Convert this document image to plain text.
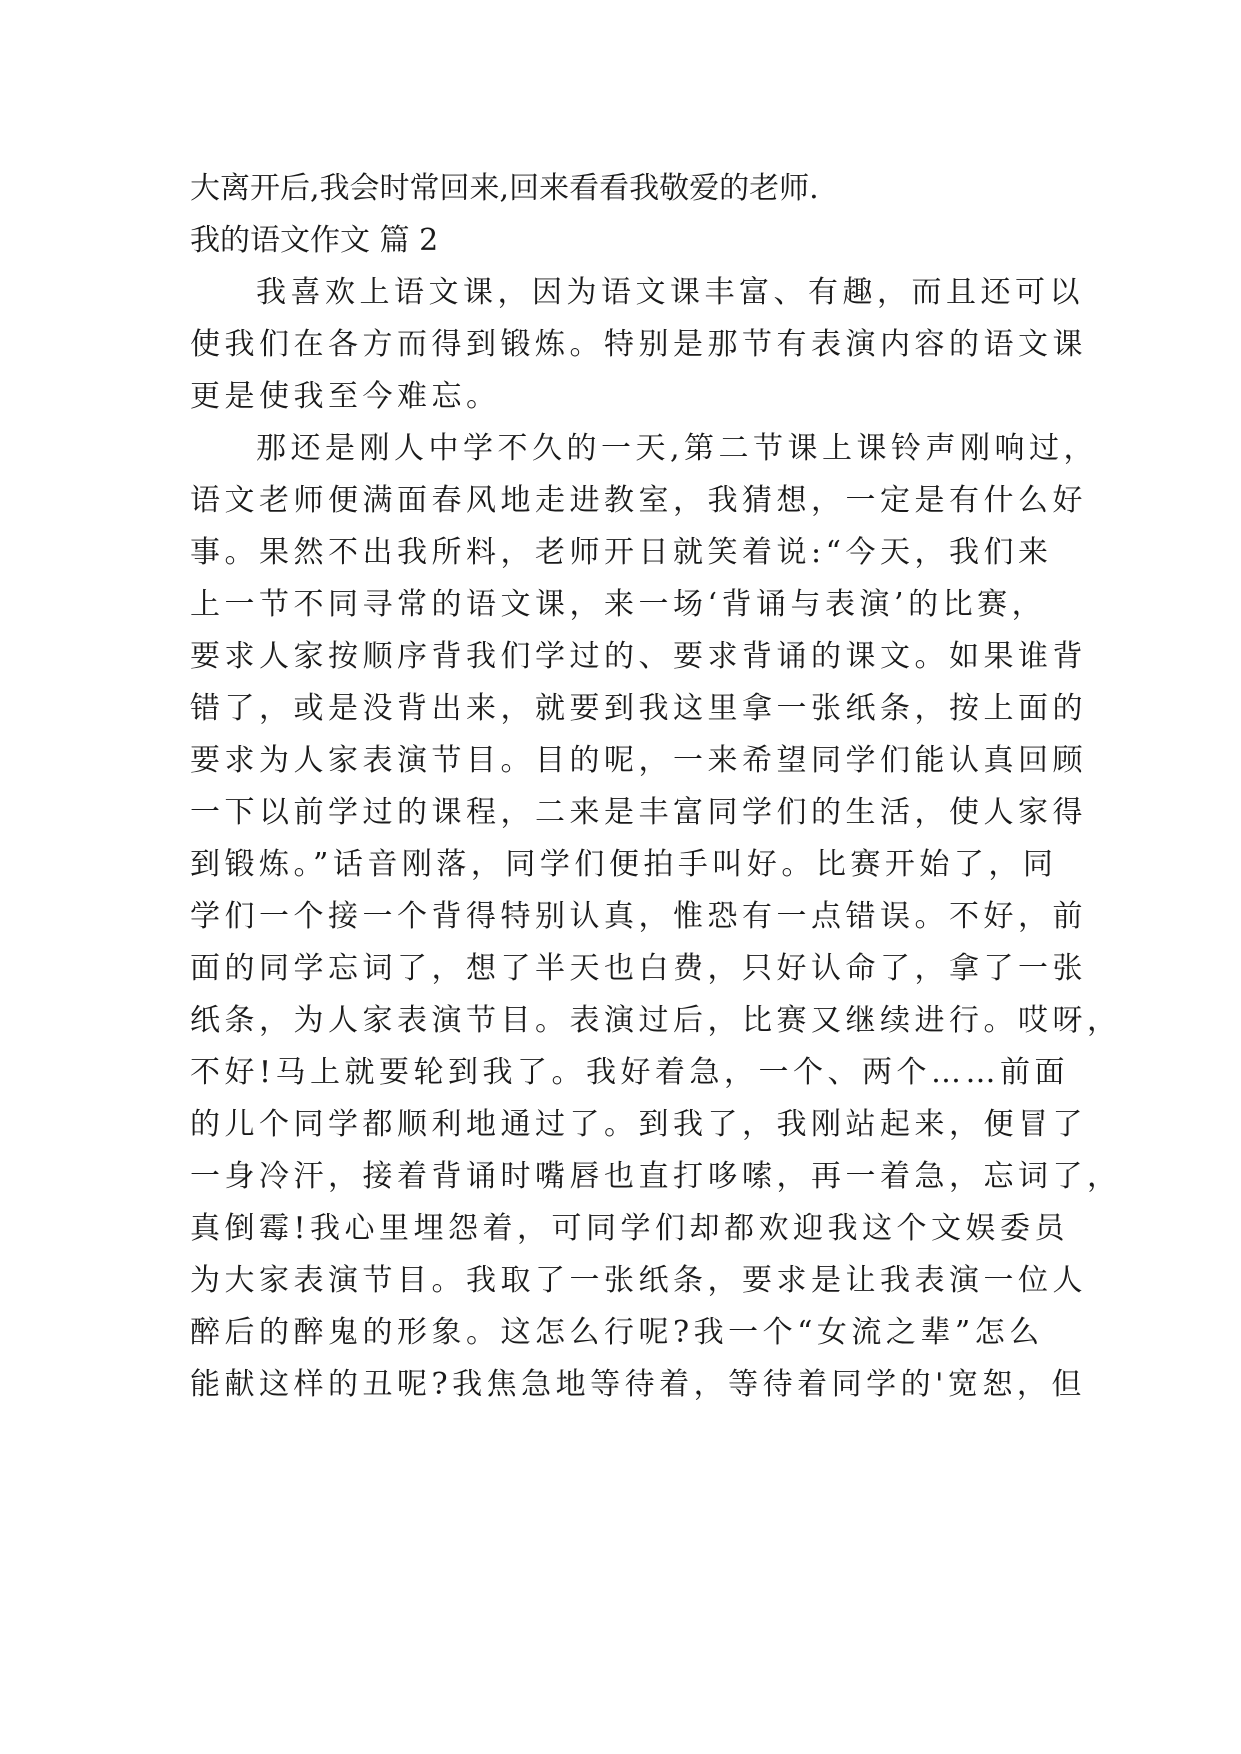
大离开后,我会时常回来,回来看看我敬爱的老师.
我的语文作文 篇 2
我喜欢上语文课，因为语文课丰富、有趣，而且还可以
使我们在各方而得到锻炼。特别是那节有表演内容的语文课
更是使我至今难忘。
那还是刚人中学不久的一天,第二节课上课铃声刚响过，
语文老师便满面春风地走进教室，我猜想，一定是有什么好
事。果然不出我所料，老师开日就笑着说:“今天，我们来
上一节不同寻常的语文课，来一场‘背诵与表演’的比赛，
要求人家按顺序背我们学过的、要求背诵的课文。如果谁背
错了，或是没背出来，就要到我这里拿一张纸条，按上面的
要求为人家表演节目。目的呢，一来希望同学们能认真回顾
一下以前学过的课程，二来是丰富同学们的生活，使人家得
到锻炼。”话音刚落，同学们便拍手叫好。比赛开始了，同
学们一个接一个背得特别认真，惟恐有一点错误。不好，前
面的同学忘词了，想了半天也白费，只好认命了，拿了一张
纸条，为人家表演节目。表演过后，比赛又继续进行。哎呀，
不好!马上就要轮到我了。我好着急，一个、两个……前面
的儿个同学都顺利地通过了。到我了，我刚站起来，便冒了
一身冷汗，接着背诵时嘴唇也直打哆嗦，再一着急，忘词了，
真倒霉!我心里埋怨着，可同学们却都欢迎我这个文娱委员
为大家表演节目。我取了一张纸条，要求是让我表演一位人
醉后的醉鬼的形象。这怎么行呢?我一个“女流之辈”怎么
能献这样的丑呢?我焦急地等待着，等待着同学的'宽恕，但
